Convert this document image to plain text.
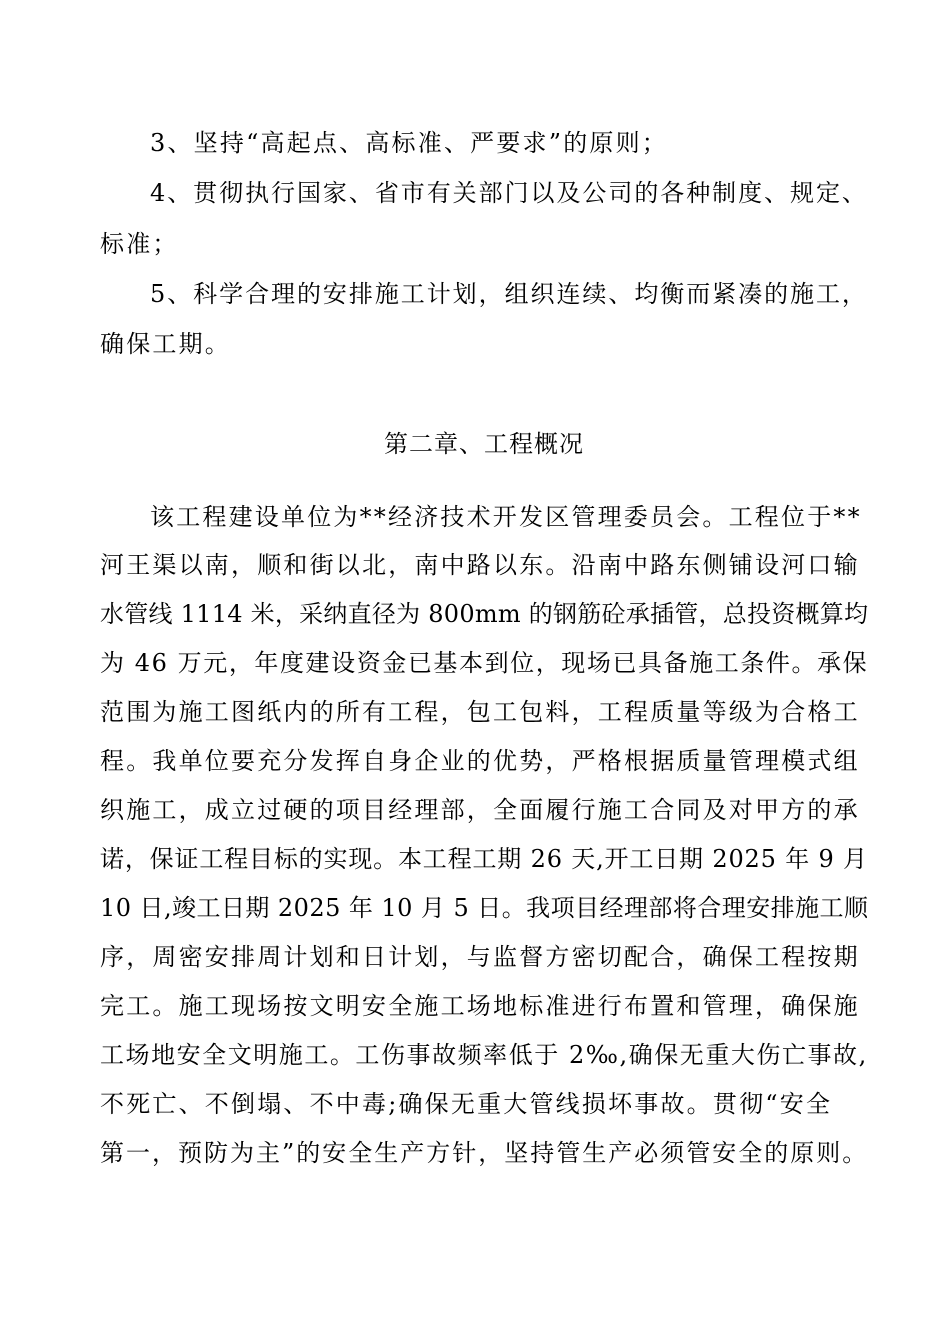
3、坚持“高起点、高标准、严要求”的原则；
4、贯彻执行国家、省市有关部门以及公司的各种制度、规定、
标准；
5、科学合理的安排施工计划，组织连续、均衡而紧凑的施工，
确保工期。
第二章、工程概况
该工程建设单位为**经济技术开发区管理委员会。工程位于**
河王渠以南，顺和街以北，南中路以东。沿南中路东侧铺设河口输
水管线 1114 米，采纳直径为 800mm 的钢筋砼承插管，总投资概算均
为 46 万元，年度建设资金已基本到位，现场已具备施工条件。承保
范围为施工图纸内的所有工程，包工包料，工程质量等级为合格工
程。我单位要充分发挥自身企业的优势，严格根据质量管理模式组
织施工，成立过硬的项目经理部，全面履行施工合同及对甲方的承
诺，保证工程目标的实现。本工程工期 26 天,开工日期 2025 年 9 月
10 日,竣工日期 2025 年 10 月 5 日。我项目经理部将合理安排施工顺
序，周密安排周计划和日计划，与监督方密切配合，确保工程按期
完工。施工现场按文明安全施工场地标准进行布置和管理，确保施
工场地安全文明施工。工伤事故频率低于 2‰,确保无重大伤亡事故,
不死亡、不倒塌、不中毒;确保无重大管线损坏事故。贯彻“安全
第一，预防为主”的安全生产方针，坚持管生产必须管安全的原则。
